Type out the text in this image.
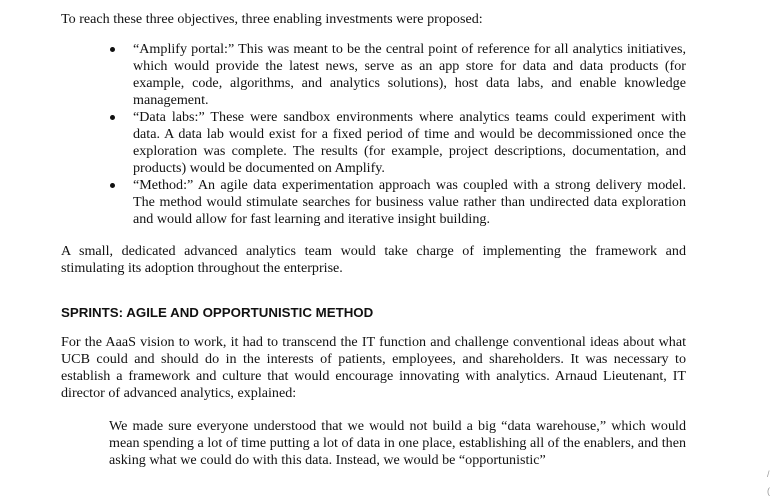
To reach these three objectives, three enabling investments were proposed:

“Amplify portal:” This was meant to be the central point of reference for all analytics initiatives, which would provide the latest news, serve as an app store for data and data products (for example, code, algorithms, and analytics solutions), host data labs, and enable knowledge management.
“Data labs:” These were sandbox environments where analytics teams could experiment with data. A data lab would exist for a fixed period of time and would be decommissioned once the exploration was complete. The results (for example, project descriptions, documentation, and products) would be documented on Amplify.
“Method:” An agile data experimentation approach was coupled with a strong delivery model. The method would stimulate searches for business value rather than undirected data exploration and would allow for fast learning and iterative insight building.

A small, dedicated advanced analytics team would take charge of implementing the framework and stimulating its adoption throughout the enterprise.

SPRINTS: AGILE AND OPPORTUNISTIC METHOD

For the AaaS vision to work, it had to transcend the IT function and challenge conventional ideas about what UCB could and should do in the interests of patients, employees, and shareholders. It was necessary to establish a framework and culture that would encourage innovating with analytics. Arnaud Lieutenant, IT director of advanced analytics, explained:

We made sure everyone understood that we would not build a big “data warehouse,” which would mean spending a lot of time putting a lot of data in one place, establishing all of the enablers, and then asking what we could do with this data. Instead, we would be “opportunistic”

/
(
